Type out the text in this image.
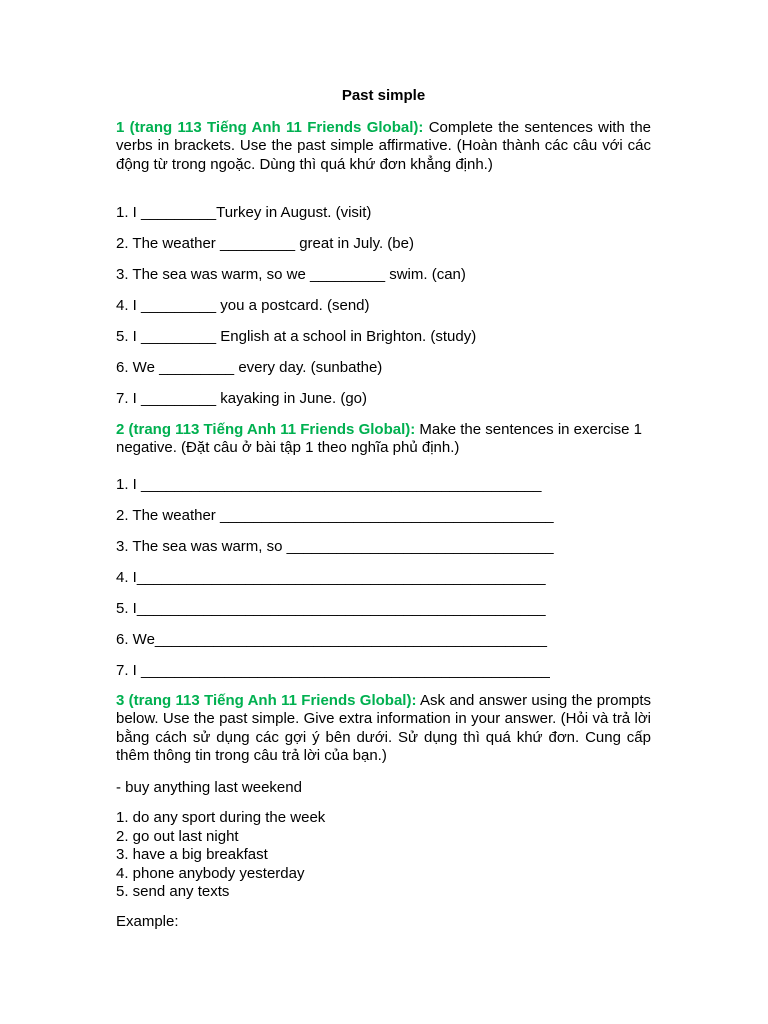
Past simple

1 (trang 113 Tiếng Anh 11 Friends Global): Complete the sentences with the verbs in brackets. Use the past simple affirmative. (Hoàn thành các câu với các động từ trong ngoặc. Dùng thì quá khứ đơn khẳng định.)

1. I _________Turkey in August. (visit)
2. The weather _________ great in July. (be)
3. The sea was warm, so we _________ swim. (can)
4. I _________ you a postcard. (send)
5. I _________ English at a school in Brighton. (study)
6. We _________ every day. (sunbathe)
7. I _________ kayaking in June. (go)

2 (trang 113 Tiếng Anh 11 Friends Global): Make the sentences in exercise 1 negative. (Đặt câu ở bài tập 1 theo nghĩa phủ định.)

1. I ________________________________________________
2. The weather ________________________________________
3. The sea was warm, so ________________________________
4. I_________________________________________________
5. I_________________________________________________
6. We_______________________________________________
7. I _________________________________________________

3 (trang 113 Tiếng Anh 11 Friends Global): Ask and answer using the prompts below. Use the past simple. Give extra information in your answer. (Hỏi và trả lời bằng cách sử dụng các gợi ý bên dưới. Sử dụng thì quá khứ đơn. Cung cấp thêm thông tin trong câu trả lời của bạn.)

- buy anything last weekend
1. do any sport during the week
2. go out last night
3. have a big breakfast
4. phone anybody yesterday
5. send any texts
Example:
